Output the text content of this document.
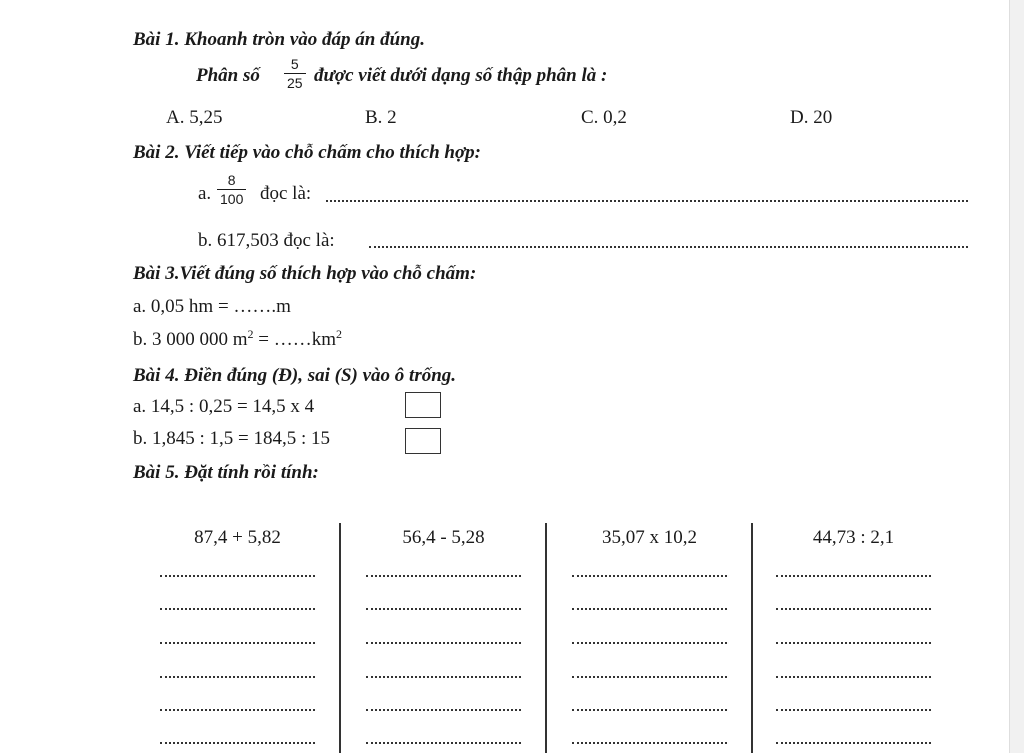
Bài 1. Khoanh tròn vào đáp án đúng.
Phân số $\frac{5}{25}$ được viết dưới dạng số thập phân là :
A. 5,25	B. 2	C. 0,2	D. 20
Bài 2. Viết tiếp vào chỗ chấm cho thích hợp:
a. $\frac{8}{100}$ đọc là:
b. 617,503 đọc là:
Bài 3.Viết đúng số thích hợp vào chỗ chấm:
a. 0,05 hm = …….m
b. 3 000 000 $m^2$ = $\dots\dots km^2$
Bài 4. Điền đúng (Đ), sai (S) vào ô trống.
a. 14,5 : 0,25 = 14,5 x 4
b. 1,845 : 1,5 = 184,5 : 15
Bài 5. Đặt tính rồi tính:
87,4 + 5,82	56,4 - 5,28	35,07 x 10,2	44,73 : 2,1
